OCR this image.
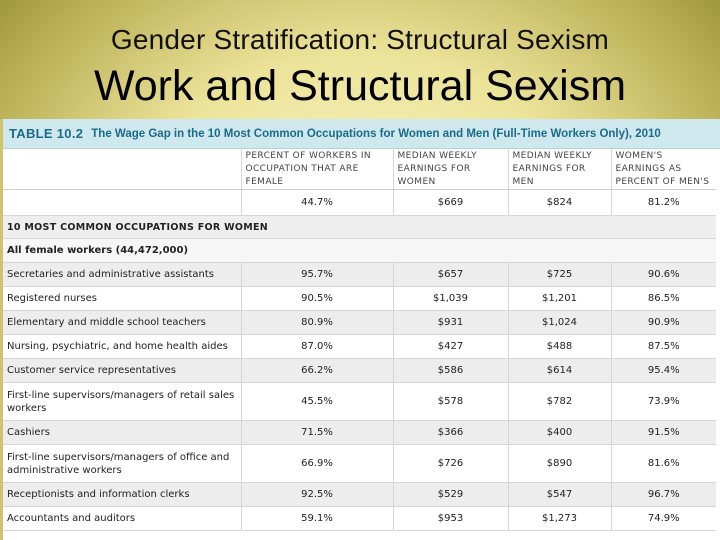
Gender Stratification: Structural Sexism
Work and Structural Sexism
TABLE 10.2 The Wage Gap in the 10 Most Common Occupations for Women and Men (Full-Time Workers Only), 2010
	PERCENT OF WORKERS IN OCCUPATION THAT ARE FEMALE	MEDIAN WEEKLY EARNINGS FOR WOMEN	MEDIAN WEEKLY EARNINGS FOR MEN	WOMEN'S EARNINGS AS PERCENT OF MEN'S
	44.7%	$669	$824	81.2%
10 MOST COMMON OCCUPATIONS FOR WOMEN				
All female workers (44,472,000)				
Secretaries and administrative assistants	95.7%	$657	$725	90.6%
Registered nurses	90.5%	$1,039	$1,201	86.5%
Elementary and middle school teachers	80.9%	$931	$1,024	90.9%
Nursing, psychiatric, and home health aides	87.0%	$427	$488	87.5%
Customer service representatives	66.2%	$586	$614	95.4%
First-line supervisors/managers of retail sales workers	45.5%	$578	$782	73.9%
Cashiers	71.5%	$366	$400	91.5%
First-line supervisors/managers of office and administrative workers	66.9%	$726	$890	81.6%
Receptionists and information clerks	92.5%	$529	$547	96.7%
Accountants and auditors	59.1%	$953	$1,273	74.9%
